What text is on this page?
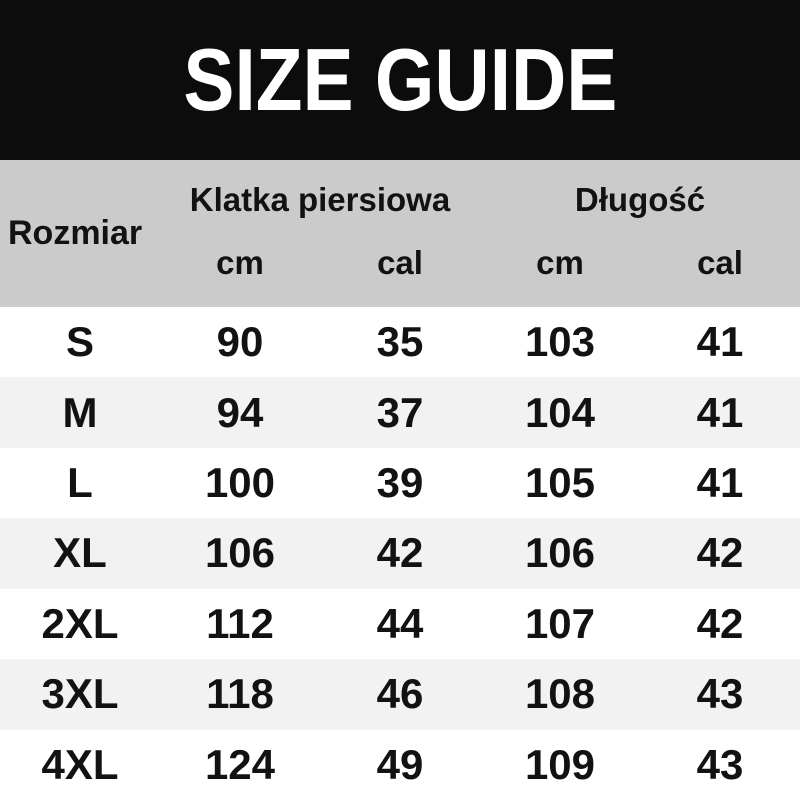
SIZE GUIDE
Rozmiar
Klatka piersiowa	Długość
cm	cal	cm	cal
S	90	35	103	41
M	94	37	104	41
L	100	39	105	41
XL	106	42	106	42
2XL	112	44	107	42
3XL	118	46	108	43
4XL	124	49	109	43
